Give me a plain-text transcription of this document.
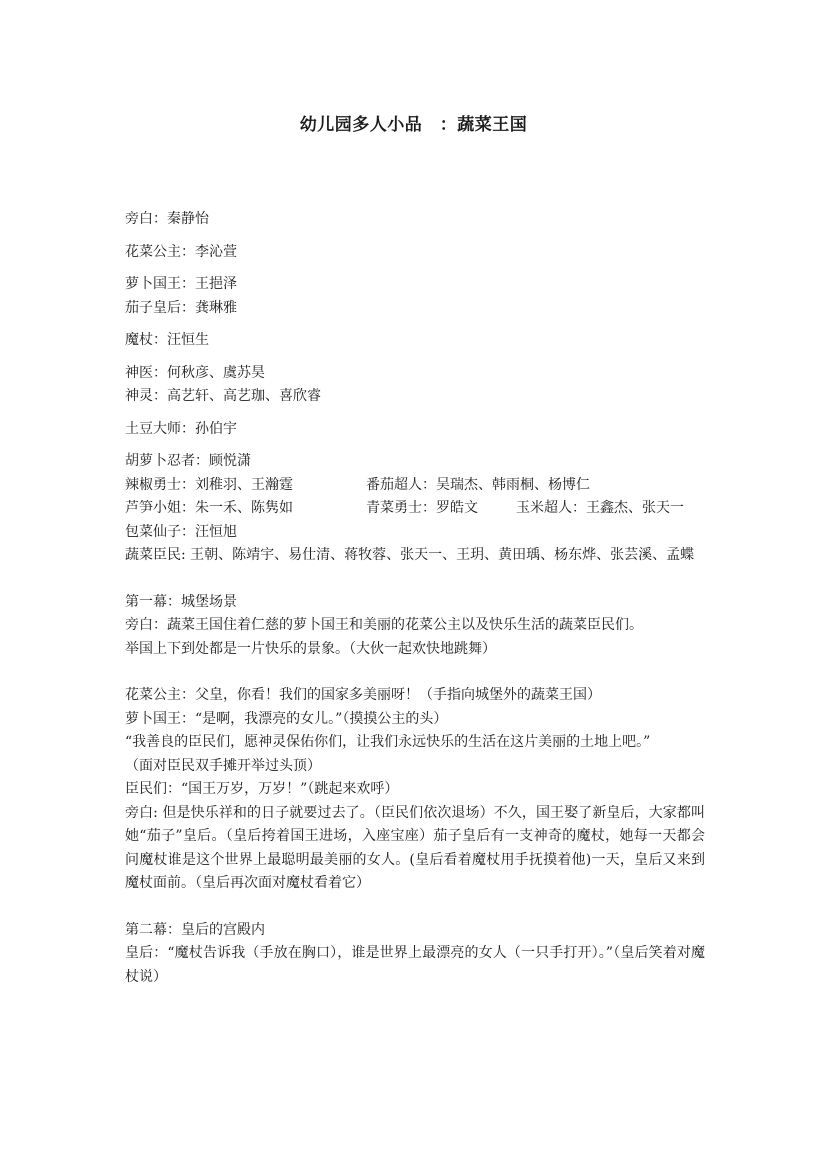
幼儿园多人小品　：蔬菜王国

旁白：秦静怡

花菜公主：李沁萱

萝卜国王：王挹泽

茄子皇后：龚琳雅

魔杖：汪恒生

神医：何秋彦、虞苏昊

神灵：高艺轩、高艺珈、喜欣睿

土豆大师：孙伯宇

胡萝卜忍者：顾悦潇

辣椒勇士：刘稚羽、王瀚霆	番茄超人：吴瑞杰、韩雨桐、杨博仁
芦笋小姐：朱一禾、陈隽如	青菜勇士：罗皓文	玉米超人：王鑫杰、张天一

包菜仙子：汪恒旭

蔬菜臣民: 王朝、陈靖宇、易仕清、蒋牧蓉、张天一、王玥、黄田瑀、杨东烨、张芸溪、孟蝶

第一幕：城堡场景

旁白：蔬菜王国住着仁慈的萝卜国王和美丽的花菜公主以及快乐生活的蔬菜臣民们。

举国上下到处都是一片快乐的景象。（大伙一起欢快地跳舞）

花菜公主：父皇，你看！我们的国家多美丽呀！（手指向城堡外的蔬菜王国）

萝卜国王：“是啊，我漂亮的女儿。”（摸摸公主的头）

“我善良的臣民们，愿神灵保佑你们，让我们永远快乐的生活在这片美丽的土地上吧。”

（面对臣民双手摊开举过头顶）

臣民们：“国王万岁，万岁！”（跳起来欢呼）

旁白: 但是快乐祥和的日子就要过去了。（臣民们依次退场）不久，国王娶了新皇后，大家都叫她“茄子”皇后。（皇后挎着国王进场，入座宝座）茄子皇后有一支神奇的魔杖，她每一天都会问魔杖谁是这个世界上最聪明最美丽的女人。(皇后看着魔杖用手抚摸着他)一天，皇后又来到魔杖面前。（皇后再次面对魔杖看着它）

第二幕：皇后的宫殿内

皇后：“魔杖告诉我（手放在胸口），谁是世界上最漂亮的女人（一只手打开）。”（皇后笑着对魔杖说）
